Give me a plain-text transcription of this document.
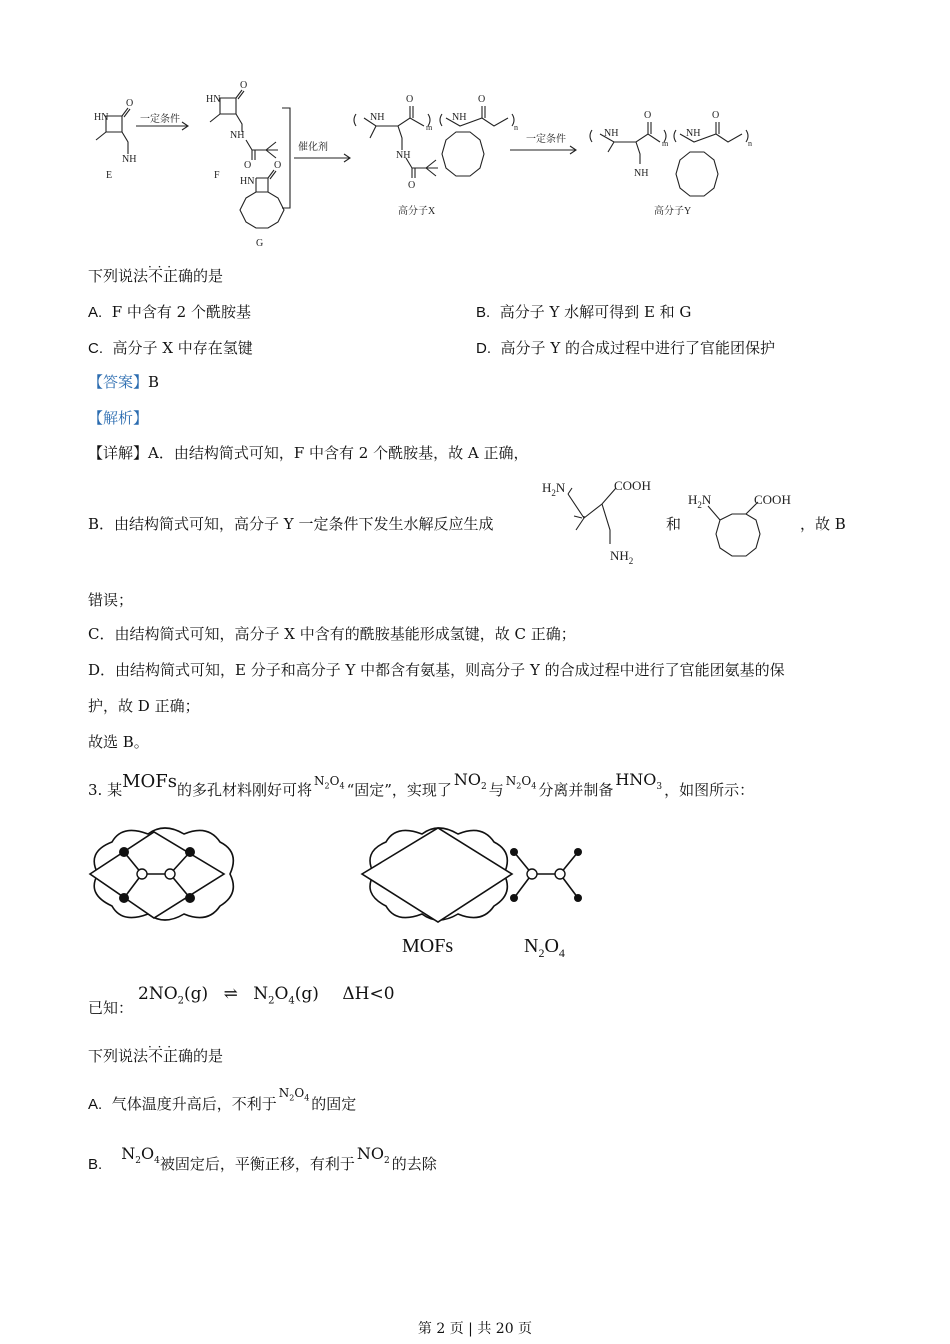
HN
O
NH
E
一定条件
HN
O
NH
O
F
HN
O
G
催化剂
NH
O
NH
O
m
NH
O
n
高分子X
一定条件
NH
O
m
NH
NH
O
n
高分子Y
下列说法· · · 不正确的是
A. F 中含有 2 个酰胺基	B. 高分子 Y 水解可得到 E 和 G
C. 高分子 X 中存在氢键	D. 高分子 Y 的合成过程中进行了官能团保护
【答案】B
【解析】
【详解】A．由结构简式可知，F 中含有 2 个酰胺基，故 A 正确，
B．由结构简式可知，高分子 Y 一定条件下发生水解反应生成
$H_2N$	COOH
$NH_2$
和
$H_2N$	COOH
，故 B
错误；
C．由结构简式可知，高分子 X 中含有的酰胺基能形成氢键，故 C 正确；
D．由结构简式可知，E 分子和高分子 Y 中都含有氨基，则高分子 Y 的合成过程中进行了官能团氨基的保
护，故 D 正确；
故选 B。
3. 某MOFs的多孔材料刚好可将 $^{N_2O_4}$ “固定”，实现了$NO_2$ 与 $^{N_2O_4}$ 分离并制备$HNO_3$ ，如图所示：
MOFs	$N_2O_4$
已知：
$2NO_2(g)$ ⇌ $N_2O_4(g)$ ΔH<0
下列说法· · · 不正确的是
A. 气体温度升高后，不利于$^{N_2O_4}$ 的固定
B.    $N_2O_4$被固定后，平衡正移，有利于$NO_2$ 的去除
第 2 页 | 共 20 页
